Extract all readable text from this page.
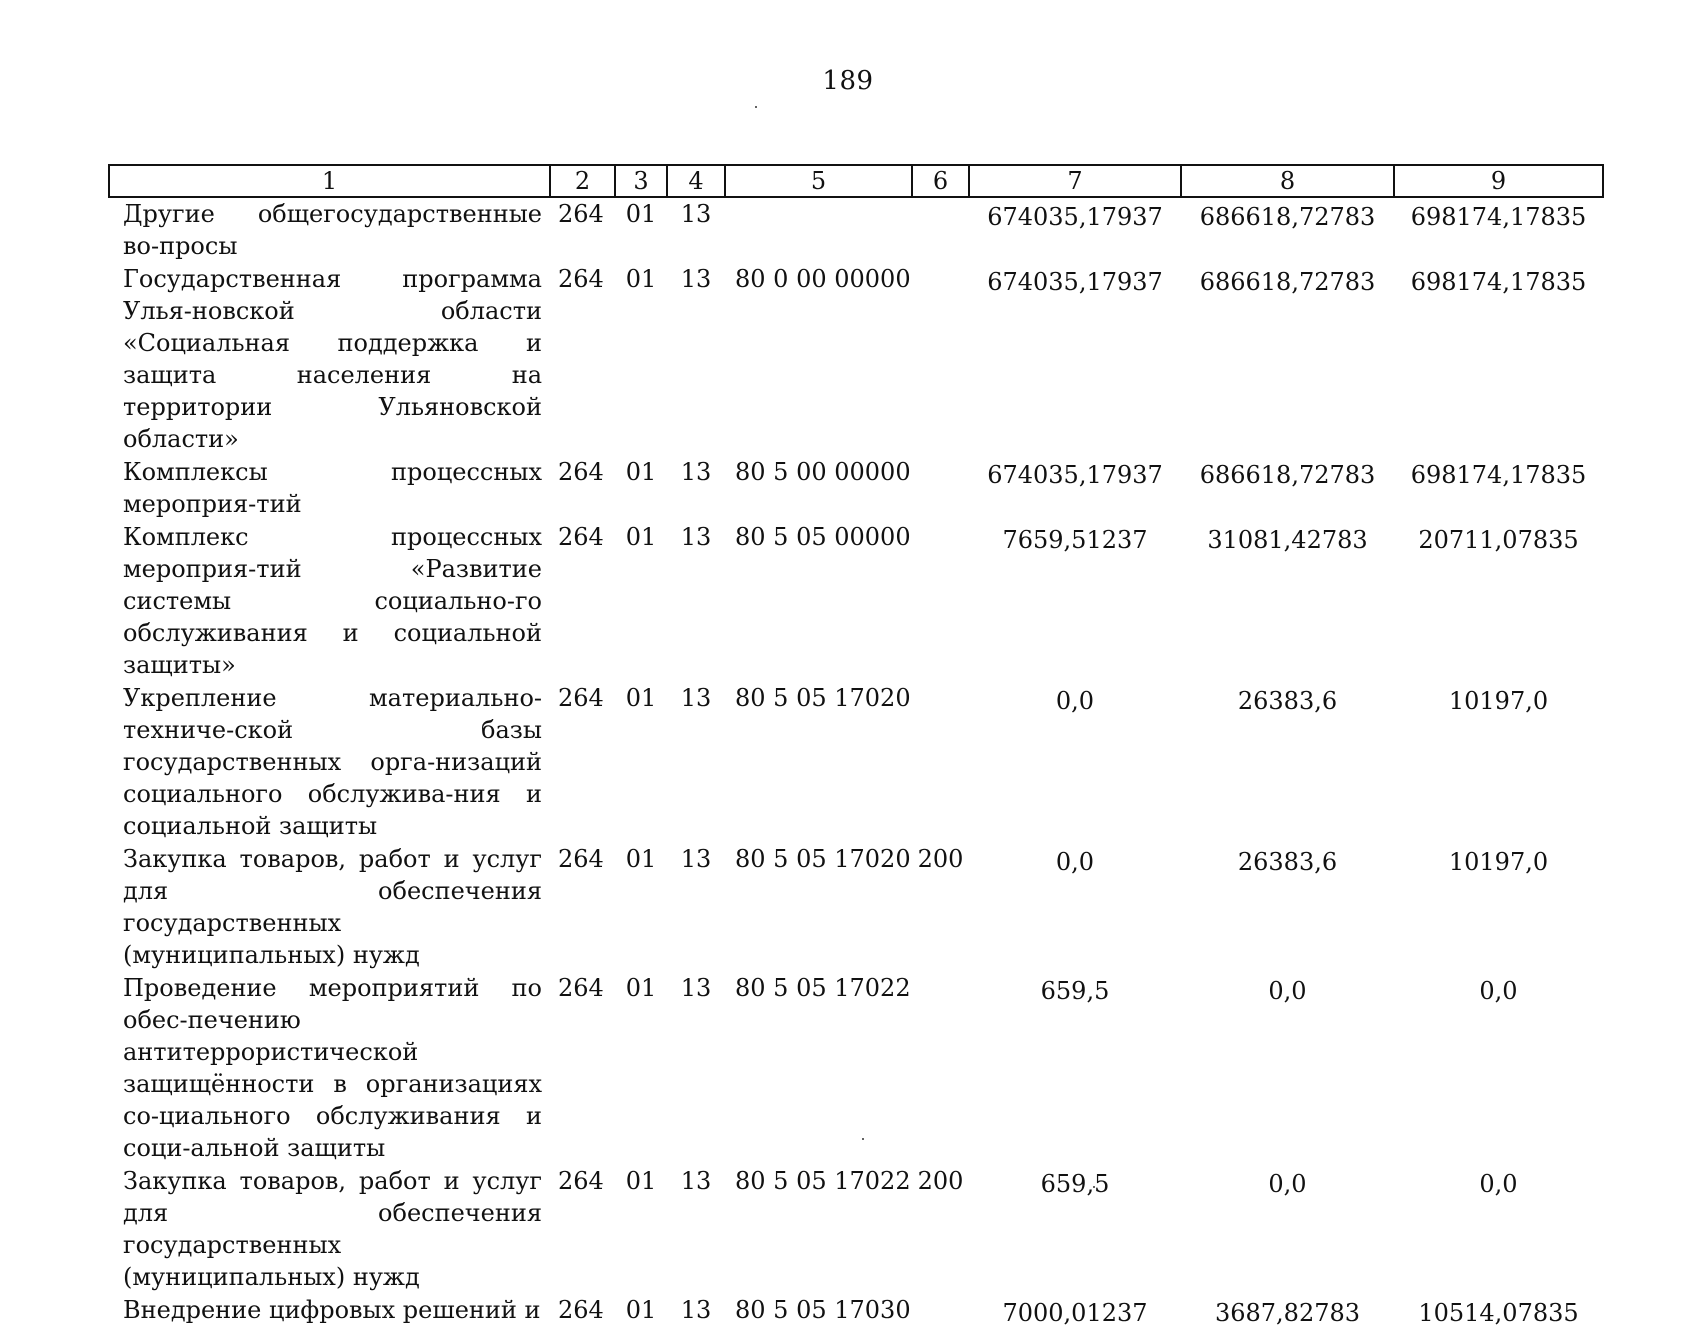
189
1	2	3	4	5	6	7	8	9
Другие общегосударственные во-просы	264	01	13			674035,17937	686618,72783	698174,17835
Государственная программа Улья-новской области «Социальная поддержка и защита населения на территории Ульяновской области»	264	01	13	80 0 00 00000		674035,17937	686618,72783	698174,17835
Комплексы процессных мероприя-тий	264	01	13	80 5 00 00000		674035,17937	686618,72783	698174,17835
Комплекс процессных мероприя-тий «Развитие системы социально-го обслуживания и социальной защиты»	264	01	13	80 5 05 00000		7659,51237	31081,42783	20711,07835
Укрепление материально-техниче-ской базы государственных орга-низаций социального обслужива-ния и социальной защиты	264	01	13	80 5 05 17020		0,0	26383,6	10197,0
Закупка товаров, работ и услуг для обеспечения государственных (муниципальных) нужд	264	01	13	80 5 05 17020	200	0,0	26383,6	10197,0
Проведение мероприятий по обес-печению антитеррористической защищённости в организациях со-циального обслуживания и соци-альной защиты	264	01	13	80 5 05 17022		659,5	0,0	0,0
Закупка товаров, работ и услуг для обеспечения государственных (муниципальных) нужд	264	01	13	80 5 05 17022	200	659,5	0,0	0,0
Внедрение цифровых решений и	264	01	13	80 5 05 17030		7000,01237	3687,82783	10514,07835
